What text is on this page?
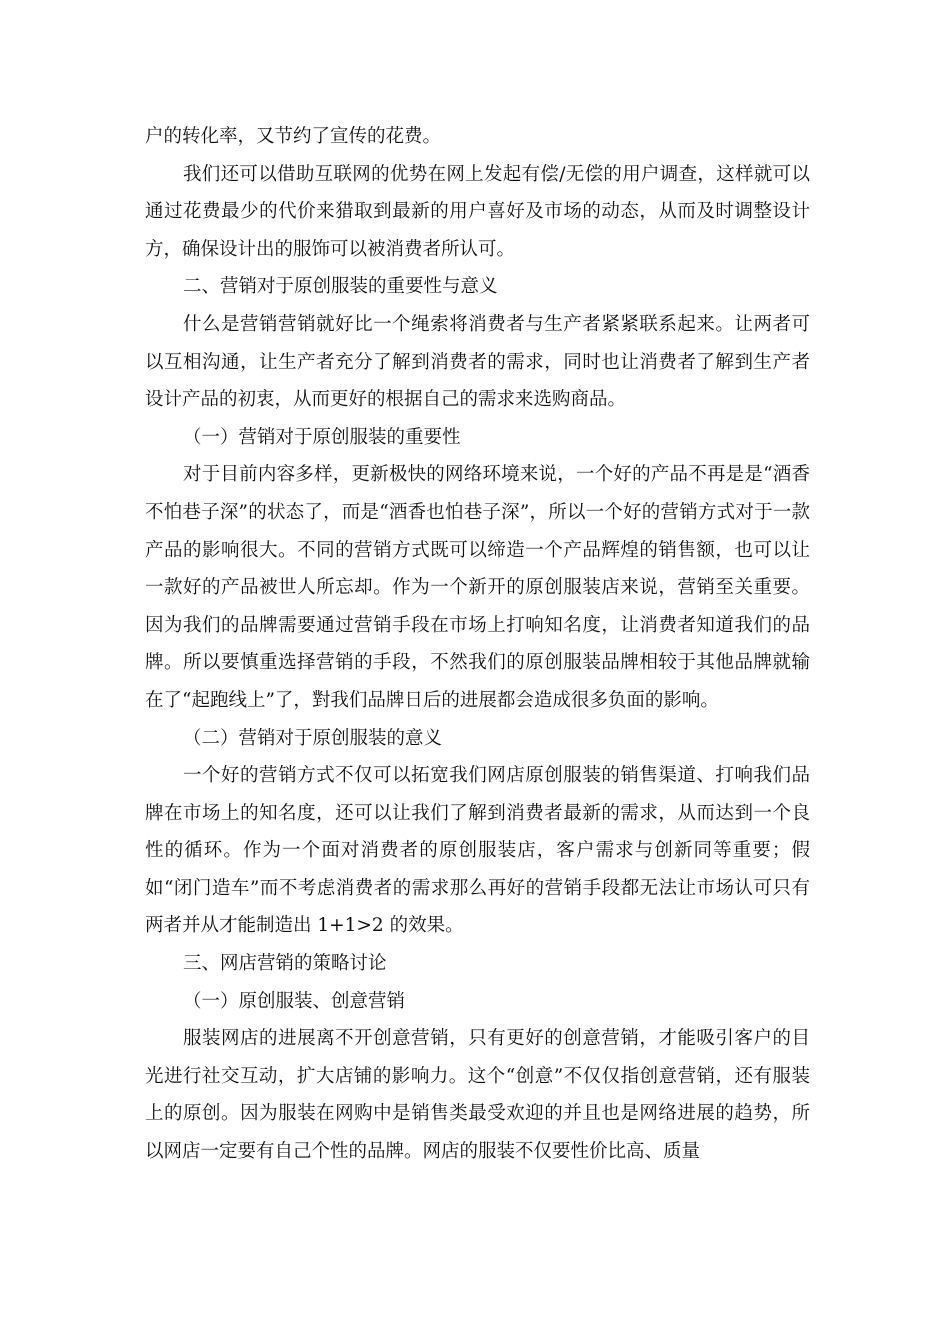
户的转化率，又节约了宣传的花费。

我们还可以借助互联网的优势在网上发起有偿/无偿的用户调查，这样就可以通过花费最少的代价来猎取到最新的用户喜好及市场的动态，从而及时调整设计方，确保设计出的服饰可以被消费者所认可。

二、营销对于原创服装的重要性与意义

什么是营销营销就好比一个绳索将消费者与生产者紧紧联系起来。让两者可以互相沟通，让生产者充分了解到消费者的需求，同时也让消费者了解到生产者设计产品的初衷，从而更好的根据自己的需求来选购商品。

（一）营销对于原创服装的重要性

对于目前内容多样，更新极快的网络环境来说，一个好的产品不再是是“酒香不怕巷子深”的状态了，而是“酒香也怕巷子深”，所以一个好的营销方式对于一款产品的影响很大。不同的营销方式既可以缔造一个产品辉煌的销售额，也可以让一款好的产品被世人所忘却。作为一个新开的原创服装店来说，营销至关重要。因为我们的品牌需要通过营销手段在市场上打响知名度，让消费者知道我们的品牌。所以要慎重选择营销的手段，不然我们的原创服装品牌相较于其他品牌就输在了“起跑线上”了，對我们品牌日后的进展都会造成很多负面的影响。

（二）营销对于原创服装的意义

一个好的营销方式不仅可以拓宽我们网店原创服装的销售渠道、打响我们品牌在市场上的知名度，还可以让我们了解到消费者最新的需求，从而达到一个良性的循环。作为一个面对消费者的原创服装店，客户需求与创新同等重要；假如“闭门造车”而不考虑消费者的需求那么再好的营销手段都无法让市场认可只有两者并从才能制造出 1+1>2 的效果。

三、网店营销的策略讨论

（一）原创服装、创意营销

服装网店的进展离不开创意营销，只有更好的创意营销，才能吸引客户的目光进行社交互动，扩大店铺的影响力。这个“创意”不仅仅指创意营销，还有服装上的原创。因为服装在网购中是销售类最受欢迎的并且也是网络进展的趋势，所以网店一定要有自己个性的品牌。网店的服装不仅要性价比高、质量
